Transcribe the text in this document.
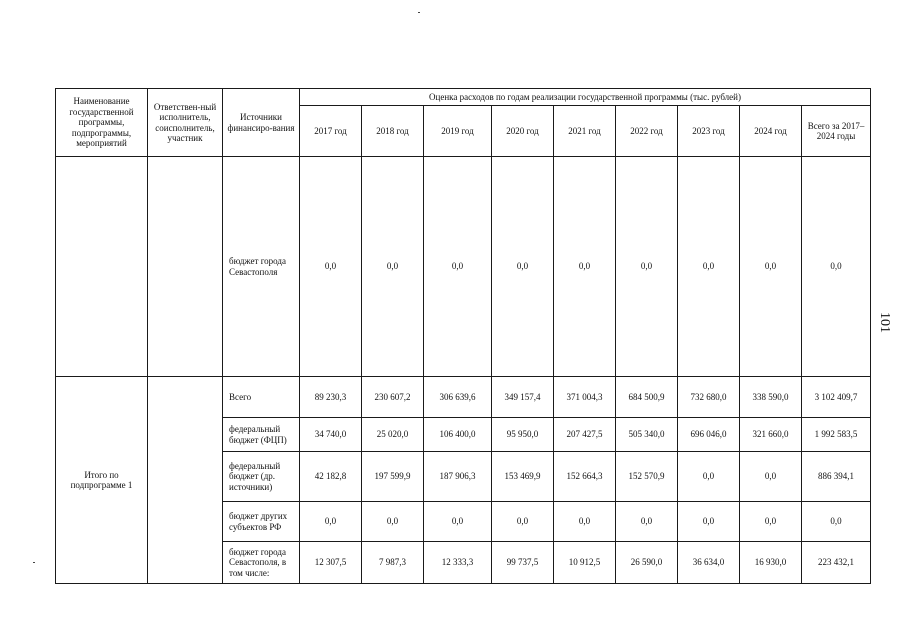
Наименование государственной программы, подпрограммы, мероприятий	Ответствен-ный исполнитель, соисполнитель, участник	Источники финансиро-вания	Оценка расходов по годам реализации государственной программы (тыс. рублей)								
			2017 год	2018 год	2019 год	2020 год	2021 год	2022 год	2023 год	2024 год	Всего за 2017–2024 годы
		бюджет города Севастополя	0,0	0,0	0,0	0,0	0,0	0,0	0,0	0,0	0,0
Итого по подпрограмме 1		Всего	89 230,3	230 607,2	306 639,6	349 157,4	371 004,3	684 500,9	732 680,0	338 590,0	3 102 409,7
		федеральный бюджет (ФЦП)	34 740,0	25 020,0	106 400,0	95 950,0	207 427,5	505 340,0	696 046,0	321 660,0	1 992 583,5
		федеральный бюджет (др. источники)	42 182,8	197 599,9	187 906,3	153 469,9	152 664,3	152 570,9	0,0	0,0	886 394,1
		бюджет других субъектов РФ	0,0	0,0	0,0	0,0	0,0	0,0	0,0	0,0	0,0
		бюджет города Севастополя, в том числе:	12 307,5	7 987,3	12 333,3	99 737,5	10 912,5	26 590,0	36 634,0	16 930,0	223 432,1
101
